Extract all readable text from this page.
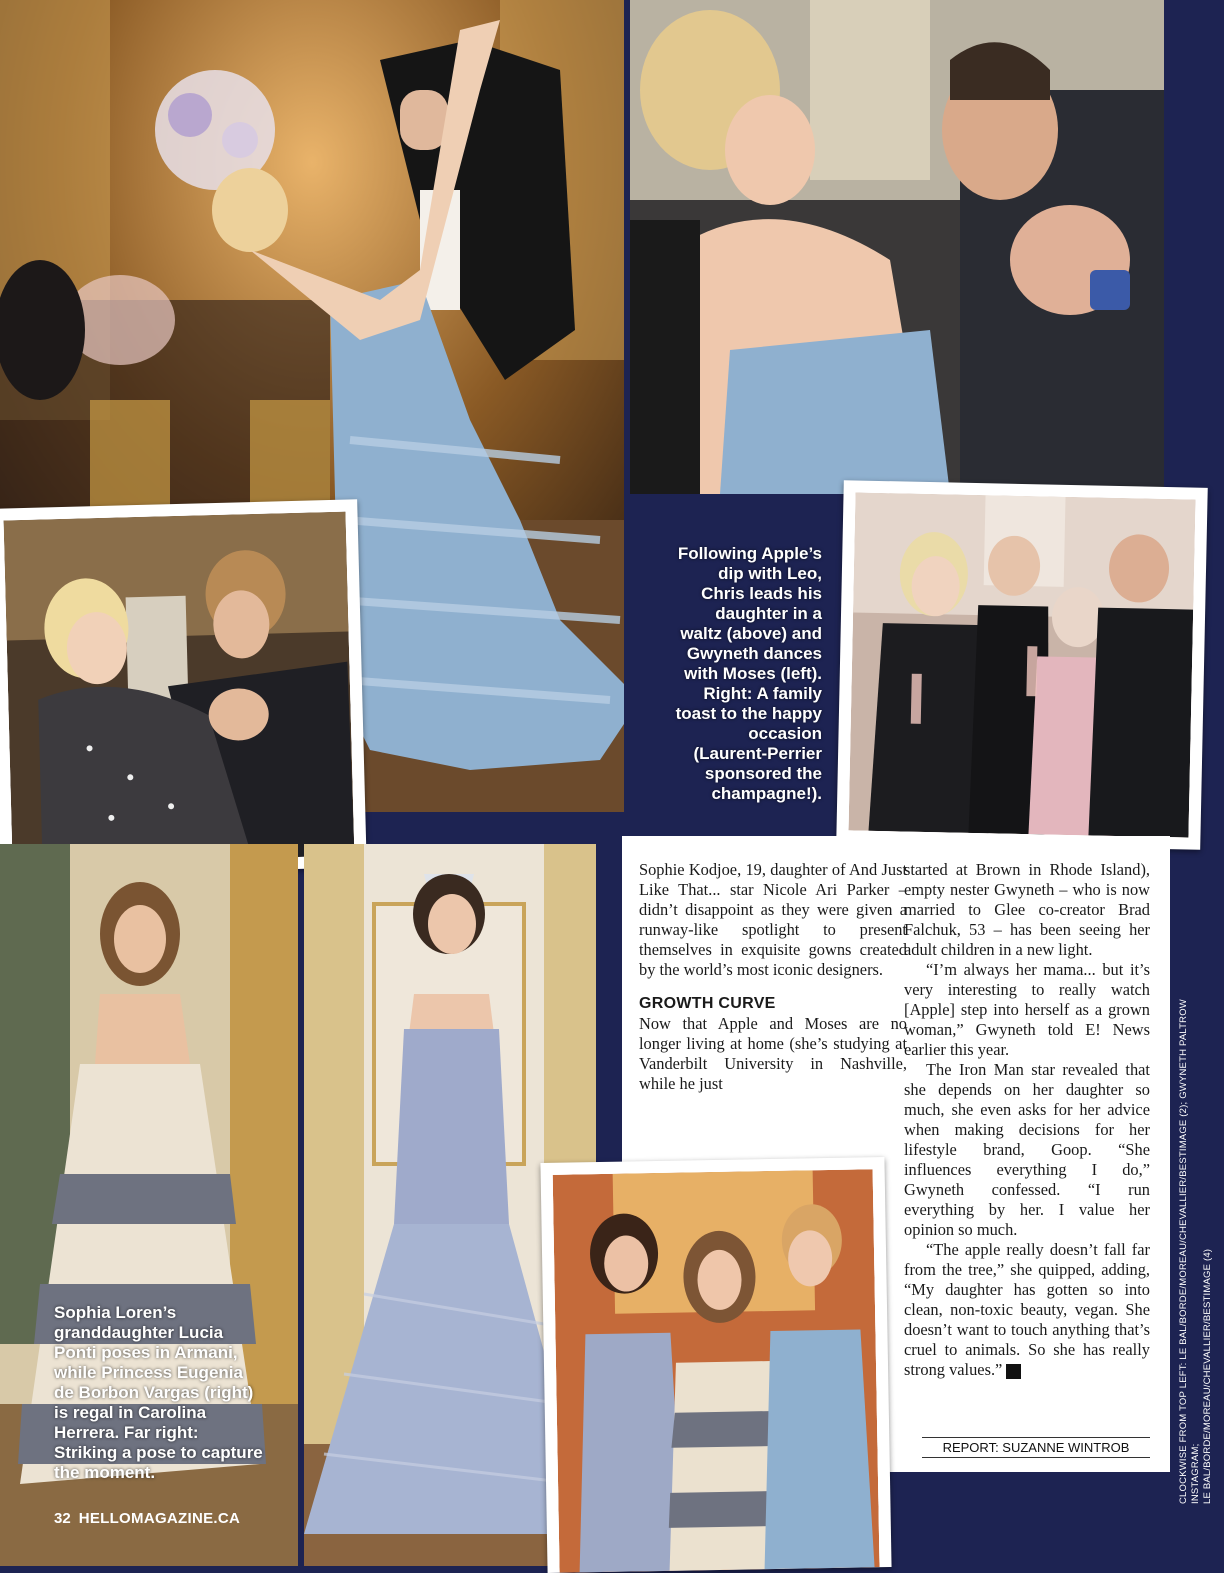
Following Apple’s dip with Leo, Chris leads his daughter in a waltz (above) and Gwyneth dances with Moses (left). Right: A family toast to the happy occasion (Laurent-Perrier sponsored the champagne!).
Sophia Loren’s granddaughter Lucia Ponti poses in Armani, while Princess Eugenia de Borbon Vargas (right) is regal in Carolina Herrera. Far right: Striking a pose to capture the moment.

Sophie Kodjoe, 19, daughter of And Just Like That... star Nicole Ari Parker – didn’t disappoint as they were given a runway-like spotlight to present themselves in exquisite gowns created by the world’s most iconic designers.

GROWTH CURVE

Now that Apple and Moses are no longer living at home (she’s studying at Vanderbilt University in Nashville, while he just

started at Brown in Rhode Island), empty nester Gwyneth – who is now married to Glee co-creator Brad Falchuk, 53 – has been seeing her adult children in a new light.

“I’m always her mama... but it’s very interesting to really watch [Apple] step into herself as a grown woman,” Gwyneth told E! News earlier this year.

The Iron Man star revealed that she depends on her daughter so much, she even asks for her advice when making decisions for her lifestyle brand, Goop. “She influences everything I do,” Gwyneth confessed. “I run everything by her. I value her opinion so much.

“The apple really doesn’t fall far from the tree,” she quipped, adding, “My daughter has gotten so into clean, non-toxic beauty, vegan. She doesn’t want to touch anything that’s cruel to animals. So she has really strong values.” H

REPORT: SUZANNE WINTROB
32 HELLOMAGAZINE.CA
CLOCKWISE FROM TOP LEFT: LE BAL/BORDE/MOREAU/CHEVALLIER/BESTIMAGE (2); GWYNETH PALTROW INSTAGRAM; LE BAL/BORDE/MOREAU/CHEVALLIER/BESTIMAGE (4)
